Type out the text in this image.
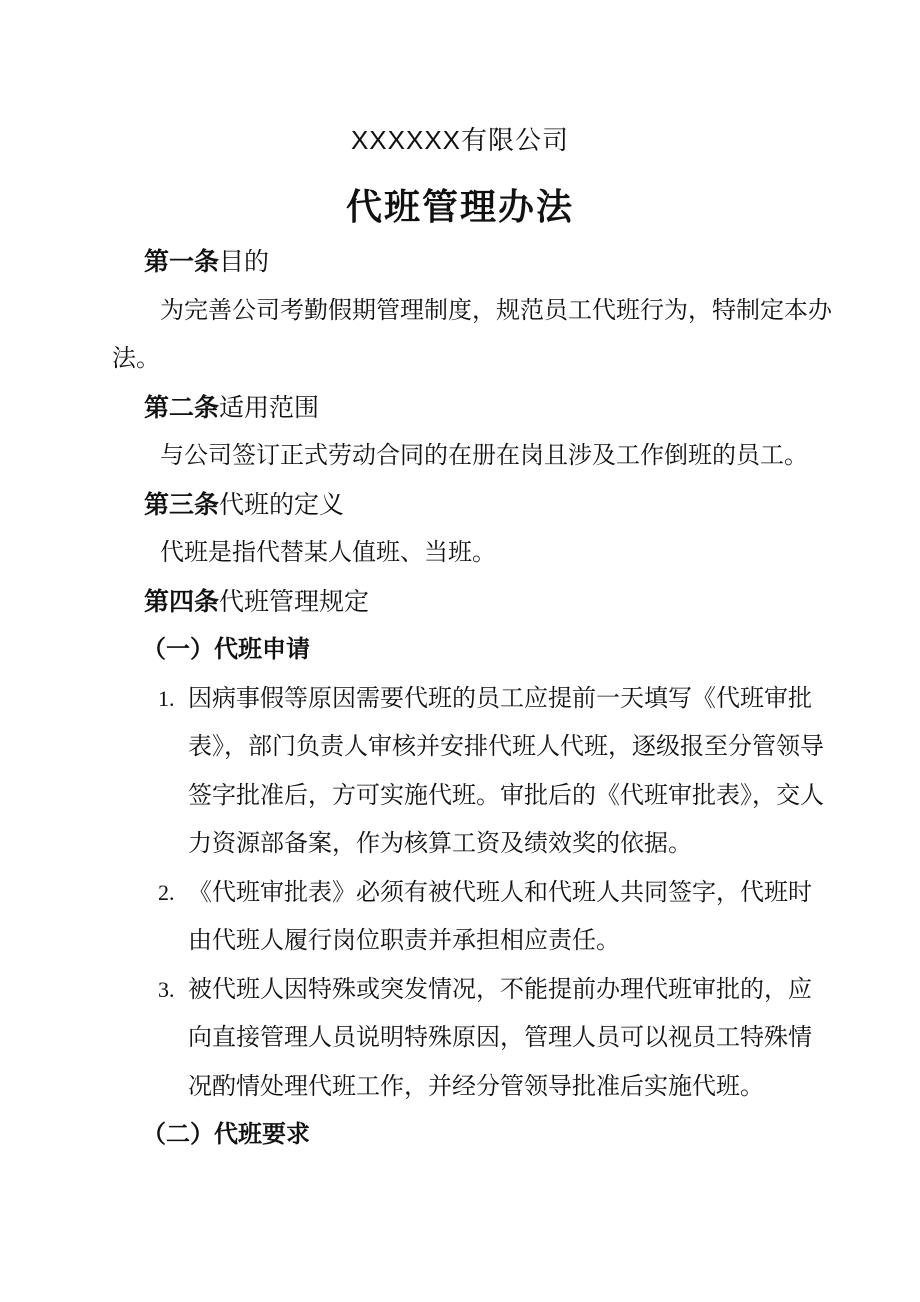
XXXXXX有限公司
代班管理办法
第一条目的
为完善公司考勤假期管理制度，规范员工代班行为，特制定本办
法。
第二条适用范围
与公司签订正式劳动合同的在册在岗且涉及工作倒班的员工。
第三条代班的定义
代班是指代替某人值班、当班。
第四条代班管理规定
（一）代班申请
1. 因病事假等原因需要代班的员工应提前一天填写《代班审批
表》，部门负责人审核并安排代班人代班，逐级报至分管领导
签字批准后，方可实施代班。审批后的《代班审批表》，交人
力资源部备案，作为核算工资及绩效奖的依据。
2. 《代班审批表》必须有被代班人和代班人共同签字，代班时
由代班人履行岗位职责并承担相应责任。
3. 被代班人因特殊或突发情况，不能提前办理代班审批的，应
向直接管理人员说明特殊原因，管理人员可以视员工特殊情
况酌情处理代班工作，并经分管领导批准后实施代班。
（二）代班要求
